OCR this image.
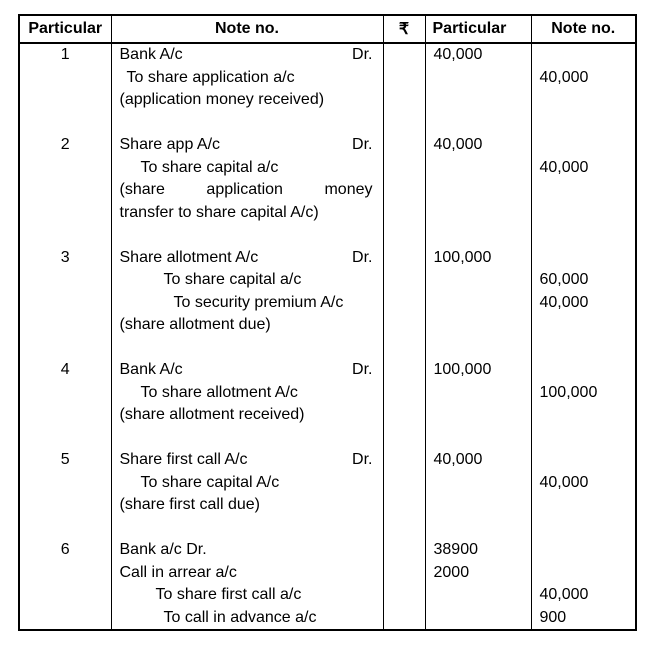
Particular	Note no.	₹	Particular	Note no.
1	Bank A/c Dr.		40,000	

	To share application a/c			40,000

	(application money received)			

2	Share app A/c Dr.		40,000	

	To share capital a/c			40,000

	(share application money			

	transfer to share capital A/c)			

3	Share allotment A/c Dr.		100,000	

	To share capital a/c			60,000

	To security premium A/c			40,000

	(share allotment due)			

4	Bank A/c Dr.		100,000	

	To share allotment A/c			100,000

	(share allotment received)			

5	Share first call A/c Dr.		40,000	

	To share capital A/c			40,000

	(share first call due)			

6	Bank a/c Dr.		38900	

	Call in arrear a/c		2000	

	To share first call a/c			40,000

	To call in advance a/c			900
